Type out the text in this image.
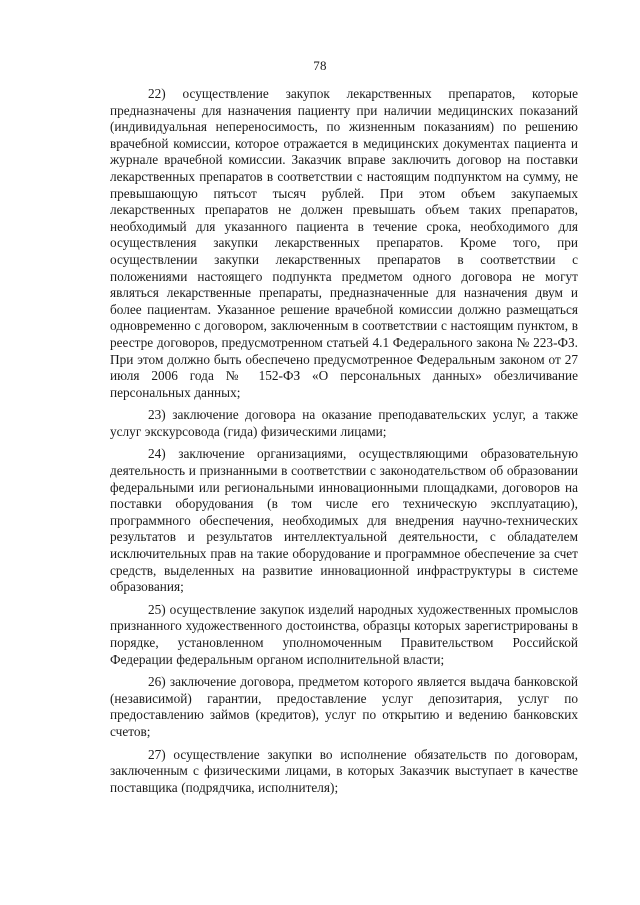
78

22) осуществление закупок лекарственных препаратов, которые предназначены для назначения пациенту при наличии медицинских показаний (индивидуальная непереносимость, по жизненным показаниям) по решению врачебной комиссии, которое отражается в медицинских документах пациента и журнале врачебной комиссии. Заказчик вправе заключить договор на поставки лекарственных препаратов в соответствии с настоящим подпунктом на сумму, не превышающую пятьсот тысяч рублей. При этом объем закупаемых лекарственных препаратов не должен превышать объем таких препаратов, необходимый для указанного пациента в течение срока, необходимого для осуществления закупки лекарственных препаратов. Кроме того, при осуществлении закупки лекарственных препаратов в соответствии с положениями настоящего подпункта предметом одного договора не могут являться лекарственные препараты, предназначенные для назначения двум и более пациентам. Указанное решение врачебной комиссии должно размещаться одновременно с договором, заключенным в соответствии с настоящим пунктом, в реестре договоров, предусмотренном статьей 4.1 Федерального закона № 223-ФЗ. При этом должно быть обеспечено предусмотренное Федеральным законом от 27 июля 2006 года № 152-ФЗ «О персональных данных» обезличивание персональных данных;

23) заключение договора на оказание преподавательских услуг, а также услуг экскурсовода (гида) физическими лицами;

24) заключение организациями, осуществляющими образовательную деятельность и признанными в соответствии с законодательством об образовании федеральными или региональными инновационными площадками, договоров на поставки оборудования (в том числе его техническую эксплуатацию), программного обеспечения, необходимых для внедрения научно-технических результатов и результатов интеллектуальной деятельности, с обладателем исключительных прав на такие оборудование и программное обеспечение за счет средств, выделенных на развитие инновационной инфраструктуры в системе образования;

25) осуществление закупок изделий народных художественных промыслов признанного художественного достоинства, образцы которых зарегистрированы в порядке, установленном уполномоченным Правительством Российской Федерации федеральным органом исполнительной власти;

26) заключение договора, предметом которого является выдача банковской (независимой) гарантии, предоставление услуг депозитария, услуг по предоставлению займов (кредитов), услуг по открытию и ведению банковских счетов;

27) осуществление закупки во исполнение обязательств по договорам, заключенным с физическими лицами, в которых Заказчик выступает в качестве поставщика (подрядчика, исполнителя);
